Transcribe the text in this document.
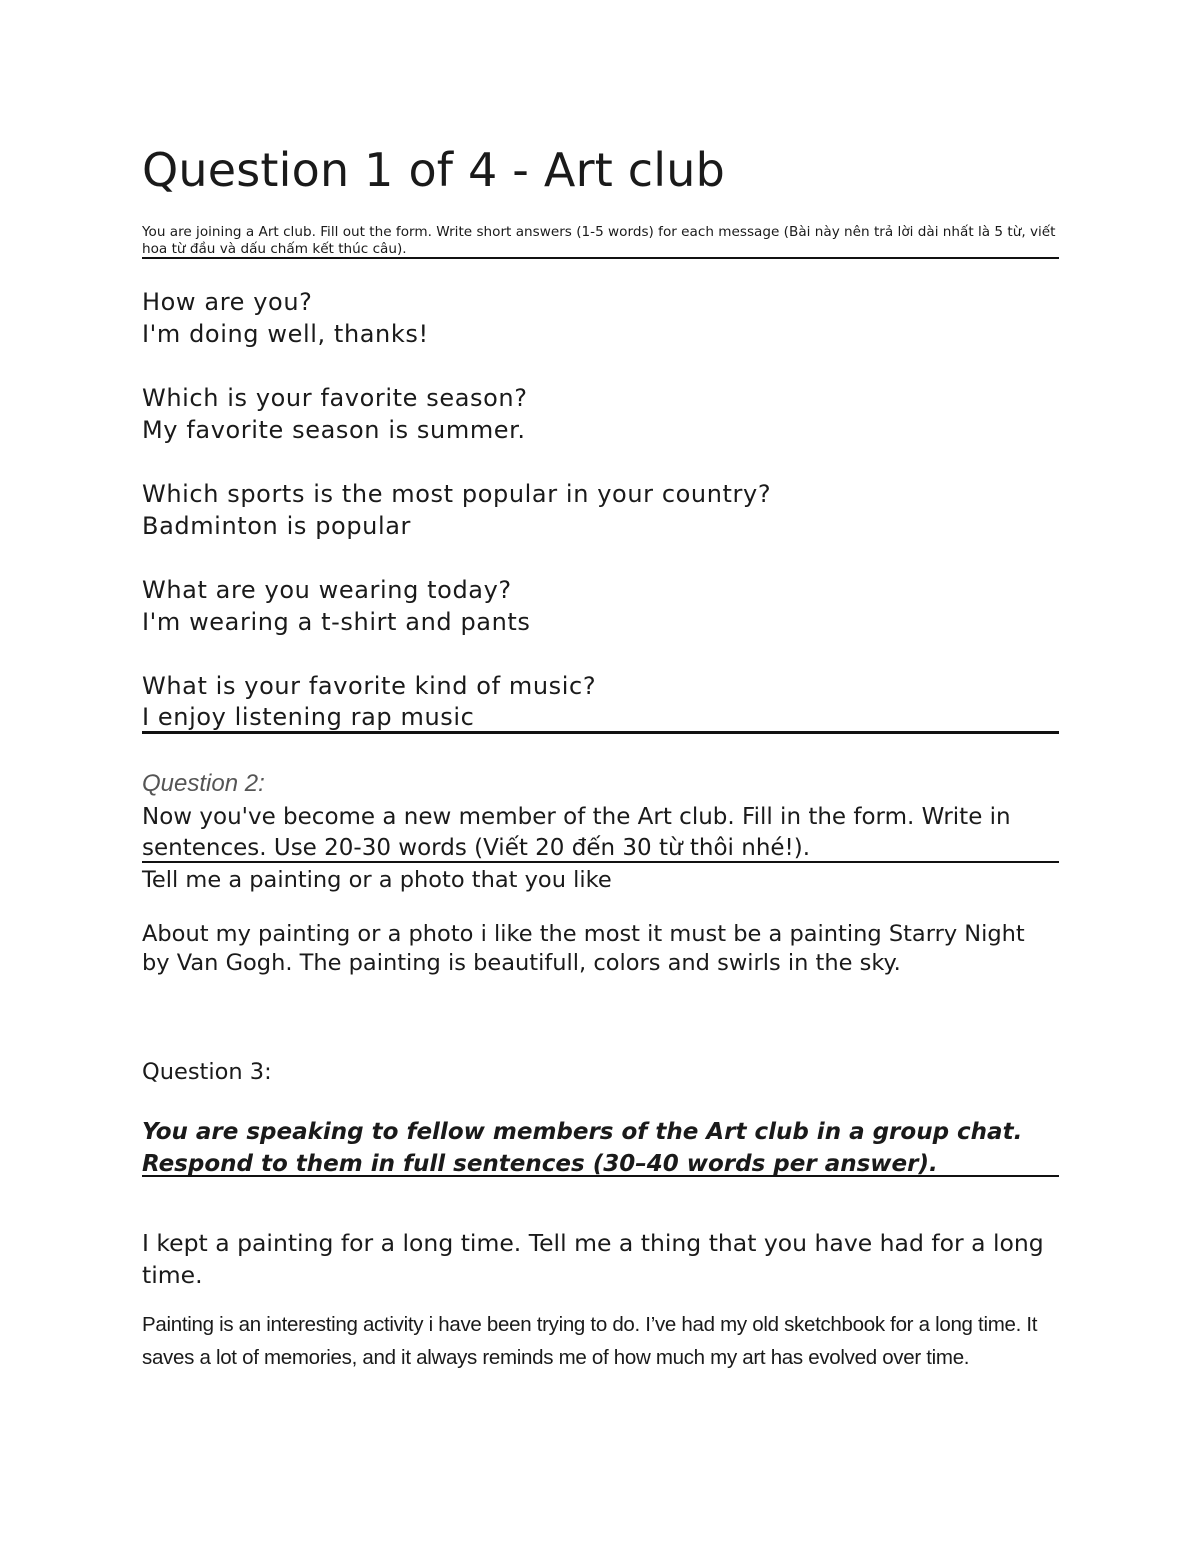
Question 1 of 4 - Art club

You are joining a Art club. Fill out the form. Write short answers (1-5 words) for each message (Bài này nên trả lời dài nhất là 5 từ, viết hoa từ đầu và dấu chấm kết thúc câu).

How are you?

I'm doing well, thanks!

Which is your favorite season?

My favorite season is summer.

Which sports is the most popular in your country?

Badminton is popular

What are you wearing today?

I'm wearing a t-shirt and pants

What is your favorite kind of music?

I enjoy listening rap music

Question 2:

Now you've become a new member of the Art club. Fill in the form. Write in sentences. Use 20-30 words (Viết 20 đến 30 từ thôi nhé!).

Tell me a painting or a photo that you like

About my painting or a photo i like the most it must be a painting Starry Night by Van Gogh. The painting is beautifull, colors and swirls in the sky.

Question 3:

You are speaking to fellow members of the Art club in a group chat. Respond to them in full sentences (30–40 words per answer).

I kept a painting for a long time. Tell me a thing that you have had for a long time.

Painting is an interesting activity i have been trying to do. I’ve had my old sketchbook for a long time. It saves a lot of memories, and it always reminds me of how much my art has evolved over time.
